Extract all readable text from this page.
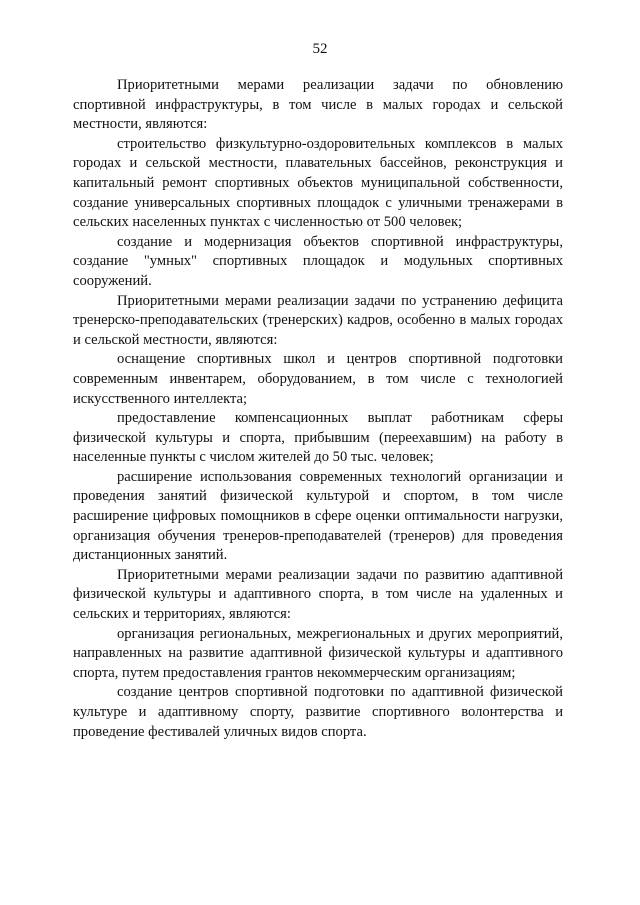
52

Приоритетными мерами реализации задачи по обновлению спортивной инфраструктуры, в том числе в малых городах и сельской местности, являются:

строительство физкультурно-оздоровительных комплексов в малых городах и сельской местности, плавательных бассейнов, реконструкция и капитальный ремонт спортивных объектов муниципальной собственности, создание универсальных спортивных площадок с уличными тренажерами в сельских населенных пунктах с численностью от 500 человек;

создание и модернизация объектов спортивной инфраструктуры, создание "умных" спортивных площадок и модульных спортивных сооружений.

Приоритетными мерами реализации задачи по устранению дефицита тренерско-преподавательских (тренерских) кадров, особенно в малых городах и сельской местности, являются:

оснащение спортивных школ и центров спортивной подготовки современным инвентарем, оборудованием, в том числе с технологией искусственного интеллекта;

предоставление компенсационных выплат работникам сферы физической культуры и спорта, прибывшим (переехавшим) на работу в населенные пункты с числом жителей до 50 тыс. человек;

расширение использования современных технологий организации и проведения занятий физической культурой и спортом, в том числе расширение цифровых помощников в сфере оценки оптимальности нагрузки, организация обучения тренеров-преподавателей (тренеров) для проведения дистанционных занятий.

Приоритетными мерами реализации задачи по развитию адаптивной физической культуры и адаптивного спорта, в том числе на удаленных и сельских и территориях, являются:

организация региональных, межрегиональных и других мероприятий, направленных на развитие адаптивной физической культуры и адаптивного спорта, путем предоставления грантов некоммерческим организациям;

создание центров спортивной подготовки по адаптивной физической культуре и адаптивному спорту, развитие спортивного волонтерства и проведение фестивалей уличных видов спорта.
